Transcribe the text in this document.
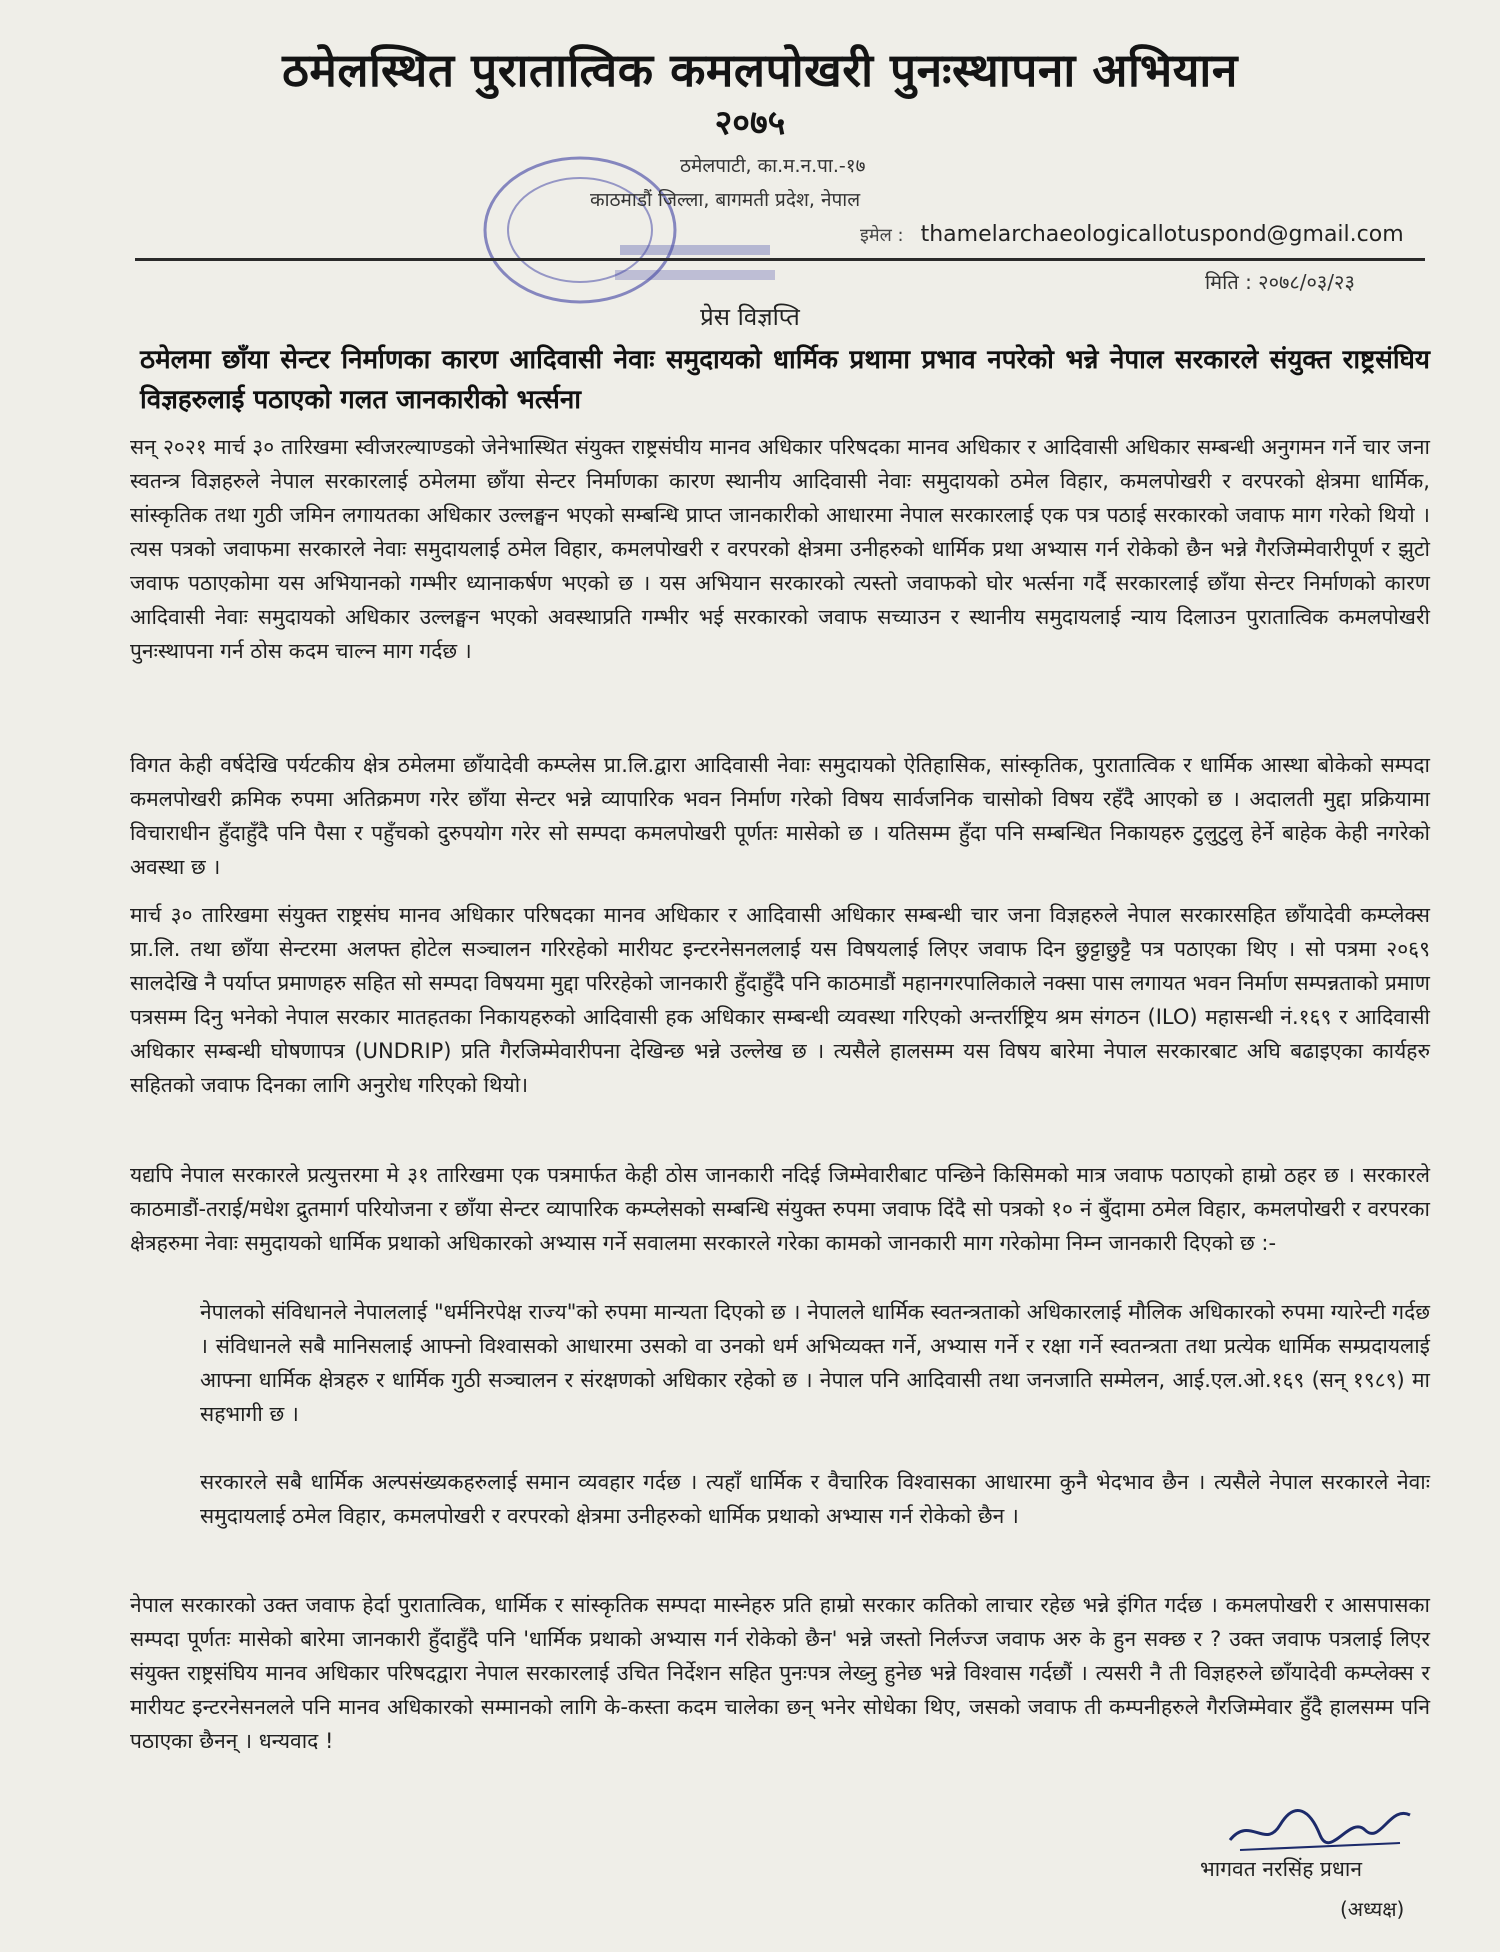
ठमेलस्थित पुरातात्विक कमलपोखरी पुनःस्थापना अभियान
२०७५
ठमेलपाटी, का.म.न.पा.-१७
काठमाडौं जिल्ला, बागमती प्रदेश, नेपाल
इमेल : thamelarchaeologicallotuspond@gmail.com
मिति : २०७८/०३/२३
प्रेस विज्ञप्ति
ठमेलमा छाँया सेन्टर निर्माणका कारण आदिवासी नेवाः समुदायको धार्मिक प्रथामा प्रभाव नपरेको भन्ने नेपाल सरकारले संयुक्त राष्ट्रसंघिय विज्ञहरुलाई पठाएको गलत जानकारीको भर्त्सना

सन् २०२१ मार्च ३० तारिखमा स्वीजरल्याण्डको जेनेभास्थित संयुक्त राष्ट्रसंघीय मानव अधिकार परिषदका मानव अधिकार र आदिवासी अधिकार सम्बन्धी अनुगमन गर्ने चार जना स्वतन्त्र विज्ञहरुले नेपाल सरकारलाई ठमेलमा छाँया सेन्टर निर्माणका कारण स्थानीय आदिवासी नेवाः समुदायको ठमेल विहार, कमलपोखरी र वरपरको क्षेत्रमा धार्मिक, सांस्कृतिक तथा गुठी जमिन लगायतका अधिकार उल्लङ्घन भएको सम्बन्धि प्राप्त जानकारीको आधारमा नेपाल सरकारलाई एक पत्र पठाई सरकारको जवाफ माग गरेको थियो । त्यस पत्रको जवाफमा सरकारले नेवाः समुदायलाई ठमेल विहार, कमलपोखरी र वरपरको क्षेत्रमा उनीहरुको धार्मिक प्रथा अभ्यास गर्न रोकेको छैन भन्ने गैरजिम्मेवारीपूर्ण र झुटो जवाफ पठाएकोमा यस अभियानको गम्भीर ध्यानाकर्षण भएको छ । यस अभियान सरकारको त्यस्तो जवाफको घोर भर्त्सना गर्दै सरकारलाई छाँया सेन्टर निर्माणको कारण आदिवासी नेवाः समुदायको अधिकार उल्लङ्घन भएको अवस्थाप्रति गम्भीर भई सरकारको जवाफ सच्याउन र स्थानीय समुदायलाई न्याय दिलाउन पुरातात्विक कमलपोखरी पुनःस्थापना गर्न ठोस कदम चाल्न माग गर्दछ ।

विगत केही वर्षदेखि पर्यटकीय क्षेत्र ठमेलमा छाँयादेवी कम्प्लेस प्रा.लि.द्वारा आदिवासी नेवाः समुदायको ऐतिहासिक, सांस्कृतिक, पुरातात्विक र धार्मिक आस्था बोकेको सम्पदा कमलपोखरी क्रमिक रुपमा अतिक्रमण गरेर छाँया सेन्टर भन्ने व्यापारिक भवन निर्माण गरेको विषय सार्वजनिक चासोको विषय रहँदै आएको छ । अदालती मुद्दा प्रक्रियामा विचाराधीन हुँदाहुँदै पनि पैसा र पहुँचको दुरुपयोग गरेर सो सम्पदा कमलपोखरी पूर्णतः मासेको छ । यतिसम्म हुँदा पनि सम्बन्धित निकायहरु टुलुटुलु हेर्ने बाहेक केही नगरेको अवस्था छ ।

मार्च ३० तारिखमा संयुक्त राष्ट्रसंघ मानव अधिकार परिषदका मानव अधिकार र आदिवासी अधिकार सम्बन्धी चार जना विज्ञहरुले नेपाल सरकारसहित छाँयादेवी कम्प्लेक्स प्रा.लि. तथा छाँया सेन्टरमा अलफ्त होटेल सञ्चालन गरिरहेको मारीयट इन्टरनेसनललाई यस विषयलाई लिएर जवाफ दिन छुट्टाछुट्टै पत्र पठाएका थिए । सो पत्रमा २०६९ सालदेखि नै पर्याप्त प्रमाणहरु सहित सो सम्पदा विषयमा मुद्दा परिरहेको जानकारी हुँदाहुँदै पनि काठमाडौं महानगरपालिकाले नक्सा पास लगायत भवन निर्माण सम्पन्नताको प्रमाण पत्रसम्म दिनु भनेको नेपाल सरकार मातहतका निकायहरुको आदिवासी हक अधिकार सम्बन्धी व्यवस्था गरिएको अन्तर्राष्ट्रिय श्रम संगठन (ILO) महासन्धी नं.१६९ र आदिवासी अधिकार सम्बन्धी घोषणापत्र (UNDRIP) प्रति गैरजिम्मेवारीपना देखिन्छ भन्ने उल्लेख छ । त्यसैले हालसम्म यस विषय बारेमा नेपाल सरकारबाट अघि बढाइएका कार्यहरु सहितको जवाफ दिनका लागि अनुरोध गरिएको थियो।

यद्यपि नेपाल सरकारले प्रत्युत्तरमा मे ३१ तारिखमा एक पत्रमार्फत केही ठोस जानकारी नदिई जिम्मेवारीबाट पन्छिने किसिमको मात्र जवाफ पठाएको हाम्रो ठहर छ । सरकारले काठमाडौं-तराई/मधेश द्रुतमार्ग परियोजना र छाँया सेन्टर व्यापारिक कम्प्लेसको सम्बन्धि संयुक्त रुपमा जवाफ दिंदै सो पत्रको १० नं बुँदामा ठमेल विहार, कमलपोखरी र वरपरका क्षेत्रहरुमा नेवाः समुदायको धार्मिक प्रथाको अधिकारको अभ्यास गर्ने सवालमा सरकारले गरेका कामको जानकारी माग गरेकोमा निम्न जानकारी दिएको छ :-

नेपालको संविधानले नेपाललाई "धर्मनिरपेक्ष राज्य"को रुपमा मान्यता दिएको छ । नेपालले धार्मिक स्वतन्त्रताको अधिकारलाई मौलिक अधिकारको रुपमा ग्यारेन्टी गर्दछ । संविधानले सबै मानिसलाई आफ्नो विश्वासको आधारमा उसको वा उनको धर्म अभिव्यक्त गर्ने, अभ्यास गर्ने र रक्षा गर्ने स्वतन्त्रता तथा प्रत्येक धार्मिक सम्प्रदायलाई आफ्ना धार्मिक क्षेत्रहरु र धार्मिक गुठी सञ्चालन र संरक्षणको अधिकार रहेको छ । नेपाल पनि आदिवासी तथा जनजाति सम्मेलन, आई.एल.ओ.१६९ (सन् १९८९) मा सहभागी छ ।

सरकारले सबै धार्मिक अल्पसंख्यकहरुलाई समान व्यवहार गर्दछ । त्यहाँ धार्मिक र वैचारिक विश्वासका आधारमा कुनै भेदभाव छैन । त्यसैले नेपाल सरकारले नेवाः समुदायलाई ठमेल विहार, कमलपोखरी र वरपरको क्षेत्रमा उनीहरुको धार्मिक प्रथाको अभ्यास गर्न रोकेको छैन ।

नेपाल सरकारको उक्त जवाफ हेर्दा पुरातात्विक, धार्मिक र सांस्कृतिक सम्पदा मास्नेहरु प्रति हाम्रो सरकार कतिको लाचार रहेछ भन्ने इंगित गर्दछ । कमलपोखरी र आसपासका सम्पदा पूर्णतः मासेको बारेमा जानकारी हुँदाहुँदै पनि 'धार्मिक प्रथाको अभ्यास गर्न रोकेको छैन' भन्ने जस्तो निर्लज्ज जवाफ अरु के हुन सक्छ र ? उक्त जवाफ पत्रलाई लिएर संयुक्त राष्ट्रसंघिय मानव अधिकार परिषदद्वारा नेपाल सरकारलाई उचित निर्देशन सहित पुनःपत्र लेख्नु हुनेछ भन्ने विश्वास गर्दछौं । त्यसरी नै ती विज्ञहरुले छाँयादेवी कम्प्लेक्स र मारीयट इन्टरनेसनलले पनि मानव अधिकारको सम्मानको लागि के-कस्ता कदम चालेका छन् भनेर सोधेका थिए, जसको जवाफ ती कम्पनीहरुले गैरजिम्मेवार हुँदै हालसम्म पनि पठाएका छैनन् । धन्यवाद !

भागवत नरसिंह प्रधान
(अध्यक्ष)
